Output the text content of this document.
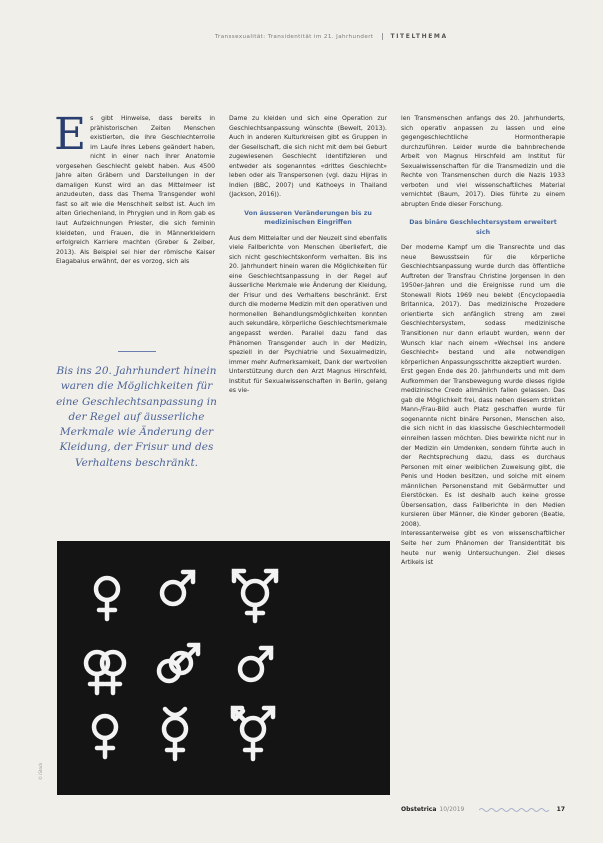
Transsexualität: Transidentität im 21. Jahrhundert	TITELTHEMA

Es gibt Hinweise, dass bereits in prähistorischen Zeiten Menschen existierten, die ihre Geschlechterrolle im Laufe ihres Lebens geändert haben, nicht in einer nach ihrer Anatomie vorgesehen Geschlecht gelebt haben. Aus 4500 Jahre alten Gräbern und Darstellungen in der damaligen Kunst wird an das Mittelmeer ist anzudeuten, dass das Thema Transgender wohl fast so alt wie die Menschheit selbst ist. Auch im alten Griechenland, in Phrygien und in Rom gab es laut Aufzeichnungen Priester, die sich feminin kleideten, und Frauen, die in Männerkleidern erfolgreich Karriere machten (Greber & Zeiber, 2013). Als Beispiel sei hier der römische Kaiser Elagabalus erwähnt, der es vorzog, sich als

Bis ins 20. Jahrhundert hinein waren die Möglichkeiten für eine Geschlechtsanpassung in der Regel auf äusserliche Merkmale wie Änderung der Kleidung, der Frisur und des Verhaltens beschränkt.

Dame zu kleiden und sich eine Operation zur Geschlechtsanpassung wünschte (Bewelt, 2013). Auch in anderen Kulturkreisen gibt es Gruppen in der Gesellschaft, die sich nicht mit dem bei Geburt zugewiesenen Geschlecht identifizieren und entweder als sogenanntes «drittes Geschlecht» leben oder als Transpersonen (vgl. dazu Hijras in Indien (BBC, 2007) und Kathoeys in Thailand (Jackson, 2016)).

Von äusseren Veränderungen bis zu medizinischen Eingriffen

Aus dem Mittelalter und der Neuzeit sind ebenfalls viele Fallberichte von Menschen überliefert, die sich nicht geschlechtskonform verhalten. Bis ins 20. Jahrhundert hinein waren die Möglichkeiten für eine Geschlechtsanpassung in der Regel auf äusserliche Merkmale wie Änderung der Kleidung, der Frisur und des Verhaltens beschränkt. Erst durch die moderne Medizin mit den operativen und hormonellen Behandlungsmöglichkeiten konnten auch sekundäre, körperliche Geschlechtsmerkmale angepasst werden. Parallel dazu fand das Phänomen Transgender auch in der Medizin, speziell in der Psychiatrie und Sexualmedizin, immer mehr Aufmerksamkeit, Dank der wertvollen Unterstützung durch den Arzt Magnus Hirschfeld, Institut für Sexualwissenschaften in Berlin, gelang es vie-

len Transmenschen anfangs des 20. Jahrhunderts, sich operativ anpassen zu lassen und eine gegengeschlechtliche Hormontherapie durchzuführen. Leider wurde die bahnbrechende Arbeit von Magnus Hirschfeld am Institut für Sexualwissenschaften für die Transmedizin und die Rechte von Transmenschen durch die Nazis 1933 verboten und viel wissenschaftliches Material vernichtet (Baum, 2017). Dies führte zu einem abrupten Ende dieser Forschung.

Das binäre Geschlechtersystem erweitert sich

Der moderne Kampf um die Transrechte und das neue Bewusstsein für die körperliche Geschlechtsanpassung wurde durch das öffentliche Auftreten der Transfrau Christine Jorgensen in den 1950er-Jahren und die Ereignisse rund um die Stonewall Riots 1969 neu belebt (Encyclopaedia Britannica, 2017). Das medizinische Prozedere orientierte sich anfänglich streng am zwei Geschlechtersystem, sodass medizinische Transitionen nur dann erlaubt wurden, wenn der Wunsch klar nach einem «Wechsel ins andere Geschlecht» bestand und alle notwendigen körperlichen Anpassungsschritte akzeptiert wurden.

Erst gegen Ende des 20. Jahrhunderts und mit dem Aufkommen der Transbewegung wurde dieses rigide medizinische Credo allmählich fallen gelassen. Das gab die Möglichkeit frei, dass neben diesem strikten Mann-/Frau-Bild auch Platz geschaffen wurde für sogenannte nicht binäre Personen, Menschen also, die sich nicht in das klassische Geschlechtermodell einreihen lassen möchten. Dies bewirkte nicht nur in der Medizin ein Umdenken, sondern führte auch in der Rechtsprechung dazu, dass es durchaus Personen mit einer weiblichen Zuweisung gibt, die Penis und Hoden besitzen, und solche mit einem männlichen Personenstand mit Gebärmutter und Eierstöcken. Es ist deshalb auch keine grosse Übersensation, dass Fallberichte in den Medien kursieren über Männer, die Kinder geboren (Beatie, 2008).

Interessanterweise gibt es von wissenschaftlicher Seite her zum Phänomen der Transidentität bis heute nur wenig Untersuchungen. Ziel dieses Artikels ist

© iStock
Obstetrica 10/2019	17
